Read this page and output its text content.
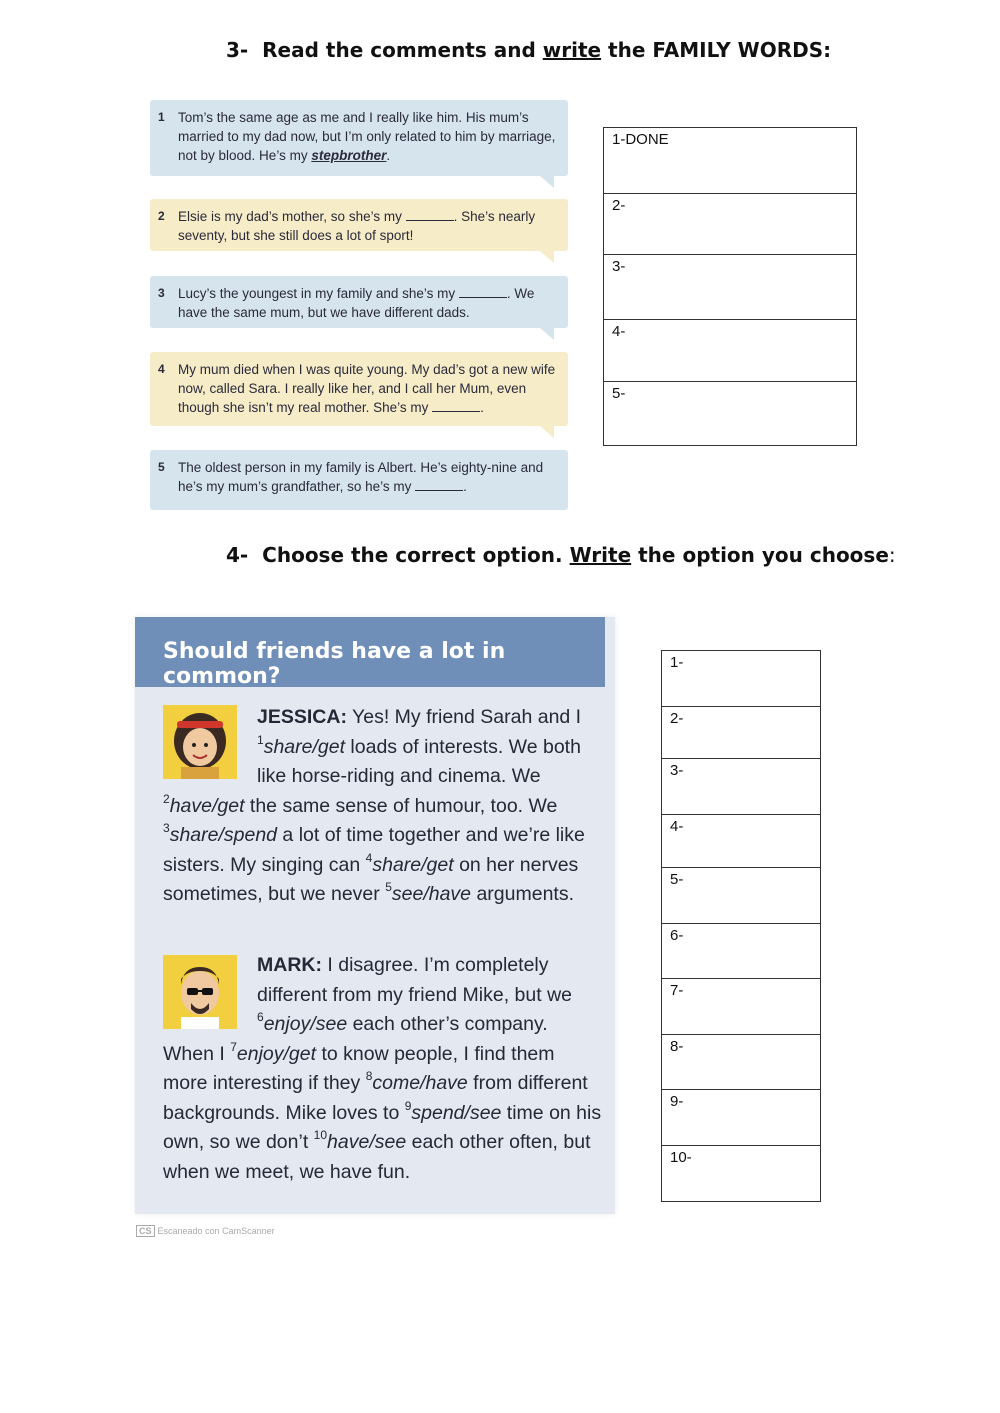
3- Read the comments and write the FAMILY WORDS:
1 Tom’s the same age as me and I really like him. His mum’s married to my dad now, but I’m only related to him by marriage, not by blood. He’s my stepbrother.
2 Elsie is my dad’s mother, so she’s my	. She’s nearly seventy, but she still does a lot of sport!
3 Lucy’s the youngest in my family and she’s my	. We have the same mum, but we have different dads.
4 My mum died when I was quite young. My dad’s got a new wife now, called Sara. I really like her, and I call her Mum, even though she isn’t my real mother. She’s my	.
5 The oldest person in my family is Albert. He’s eighty-nine and he’s my mum’s grandfather, so he’s my	.
1-DONE
2-
3-
4-
5-
4- Choose the correct option. Write the option you choose:
Should friends have a lot in common?
JESSICA: Yes! My friend Sarah and I $^1$share/get loads of interests. We both like horse-riding and cinema. We $^2$have/get the same sense of humour, too. We $^3$share/spend a lot of time together and we’re like sisters. My singing can $^4$share/get on her nerves sometimes, but we never $^5$see/have arguments.
MARK: I disagree. I’m completely different from my friend Mike, but we $^6$enjoy/see each other’s company. When I $^7$enjoy/get to know people, I find them more interesting if they $^8$come/have from different backgrounds. Mike loves to $^9$spend/see time on his own, so we don’t $^{10}$have/see each other often, but when we meet, we have fun.
1-
2-
3-
4-
5-
6-
7-
8-
9-
10-
CS Escaneado con CamScanner
